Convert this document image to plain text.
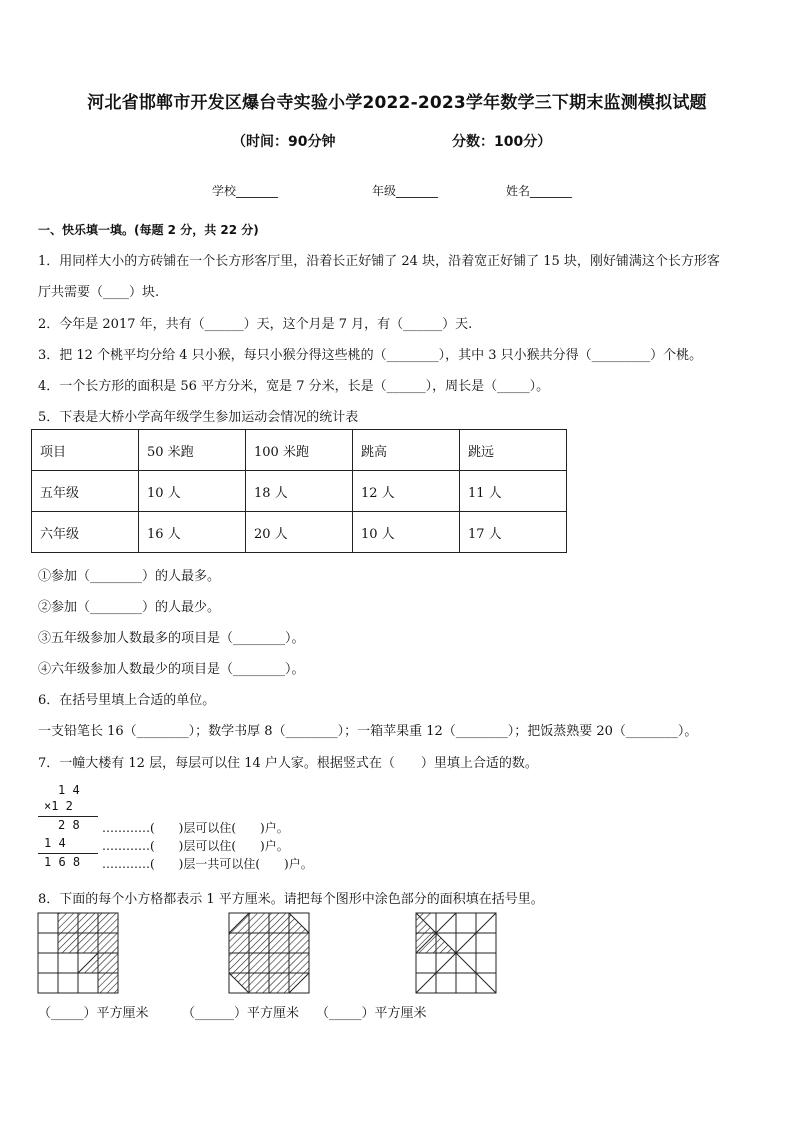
河北省邯郸市开发区爆台寺实验小学2022-2023学年数学三下期末监测模拟试题
（时间：90分钟	分数：100分）
学校_______	年级_______	姓名_______
一、快乐填一填。(每题 2 分，共 22 分)
1．用同样大小的方砖铺在一个长方形客厅里，沿着长正好铺了 24 块，沿着宽正好铺了 15 块，刚好铺满这个长方形客
厅共需要（____）块.
2．今年是 2017 年，共有（______）天，这个月是 7 月，有（______）天.
3．把 12 个桃平均分给 4 只小猴，每只小猴分得这些桃的（________），其中 3 只小猴共分得（_________）个桃。
4．一个长方形的面积是 56 平方分米，宽是 7 分米，长是（______），周长是（_____）。
5．下表是大桥小学高年级学生参加运动会情况的统计表
项目	50 米跑	100 米跑	跳高	跳远
五年级	10 人	18 人	12 人	11 人
六年级	16 人	20 人	10 人	17 人
①参加（________）的人最多。
②参加（________）的人最少。
③五年级参加人数最多的项目是（________）。
④六年级参加人数最少的项目是（________）。
6．在括号里填上合适的单位。
一支铅笔长 16（________）；数学书厚 8（________）；一箱苹果重 12（________）；把饭蒸熟要 20（________）。
7．一幢大楼有 12 层，每层可以住 14 户人家。根据竖式在（　　）里填上合适的数。
1 4
×1 2
2 8
1 4
1 6 8
…………(　　)层可以住(　　)户。
…………(　　)层可以住(　　)户。
…………(　　)层一共可以住(　　)户。
8．下面的每个小方格都表示 1 平方厘米。请把每个图形中涂色部分的面积填在括号里。
（_____）平方厘米	（______）平方厘米 （_____）平方厘米
